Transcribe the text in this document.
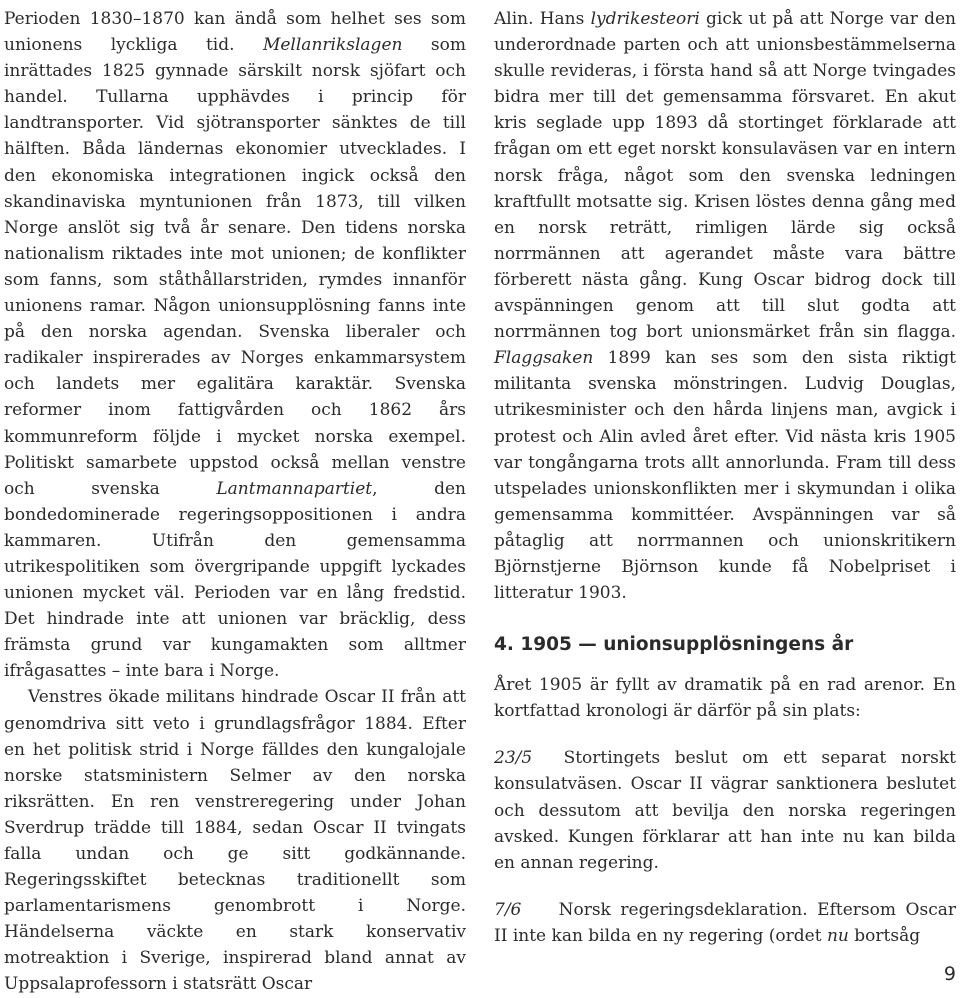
Perioden 1830–1870 kan ändå som helhet ses som unionens lyckliga tid. Mellanrikslagen som inrättades 1825 gynnade särskilt norsk sjöfart och handel. Tullarna upphävdes i princip för landtransporter. Vid sjötransporter sänktes de till hälften. Båda ländernas ekonomier utvecklades. I den ekonomiska integrationen ingick också den skandinaviska myntunionen från 1873, till vilken Norge anslöt sig två år senare. Den tidens norska nationalism riktades inte mot unionen; de konflikter som fanns, som ståthållarstriden, rymdes innanför unionens ramar. Någon unionsupplösning fanns inte på den norska agendan. Svenska liberaler och radikaler inspirerades av Norges enkammarsystem och landets mer egalitära karaktär. Svenska reformer inom fattigvården och 1862 års kommunreform följde i mycket norska exempel. Politiskt samarbete uppstod också mellan venstre och svenska Lantmannapartiet, den bondedominerade regeringsoppositionen i andra kammaren. Utifrån den gemensamma utrikespolitiken som övergripande uppgift lyckades unionen mycket väl. Perioden var en lång fredstid. Det hindrade inte att unionen var bräcklig, dess främsta grund var kungamakten som alltmer ifrågasattes – inte bara i Norge.

Venstres ökade militans hindrade Oscar II från att genomdriva sitt veto i grundlagsfrågor 1884. Efter en het politisk strid i Norge fälldes den kungalojale norske statsministern Selmer av den norska riksrätten. En ren venstreregering under Johan Sverdrup trädde till 1884, sedan Oscar II tvingats falla undan och ge sitt godkännande. Regeringsskiftet betecknas traditionellt som parlamentarismens genombrott i Norge. Händelserna väckte en stark konservativ motreaktion i Sverige, inspirerad bland annat av Uppsalaprofessorn i statsrätt Oscar

Alin. Hans lydrikesteori gick ut på att Norge var den underordnade parten och att unionsbestämmelserna skulle revideras, i första hand så att Norge tvingades bidra mer till det gemensamma försvaret. En akut kris seglade upp 1893 då stortinget förklarade att frågan om ett eget norskt konsulaväsen var en intern norsk fråga, något som den svenska ledningen kraftfullt motsatte sig. Krisen löstes denna gång med en norsk reträtt, rimligen lärde sig också norrmännen att agerandet måste vara bättre förberett nästa gång. Kung Oscar bidrog dock till avspänningen genom att till slut godta att norrmännen tog bort unionsmärket från sin flagga. Flaggsaken 1899 kan ses som den sista riktigt militanta svenska mönstringen. Ludvig Douglas, utrikesminister och den hårda linjens man, avgick i protest och Alin avled året efter. Vid nästa kris 1905 var tongångarna trots allt annorlunda. Fram till dess utspelades unionskonflikten mer i skymundan i olika gemensamma kommittéer. Avspänningen var så påtaglig att norrmannen och unionskritikern Björnstjerne Björnson kunde få Nobelpriset i litteratur 1903.

4. 1905 — unionsupplösningens år

Året 1905 är fyllt av dramatik på en rad arenor. En kortfattad kronologi är därför på sin plats:

23/5 Stortingets beslut om ett separat norskt konsulatväsen. Oscar II vägrar sanktionera beslutet och dessutom att bevilja den norska regeringen avsked. Kungen förklarar att han inte nu kan bilda en annan regering.

7/6 Norsk regeringsdeklaration. Eftersom Oscar II inte kan bilda en ny regering (ordet nu bortsåg

9
